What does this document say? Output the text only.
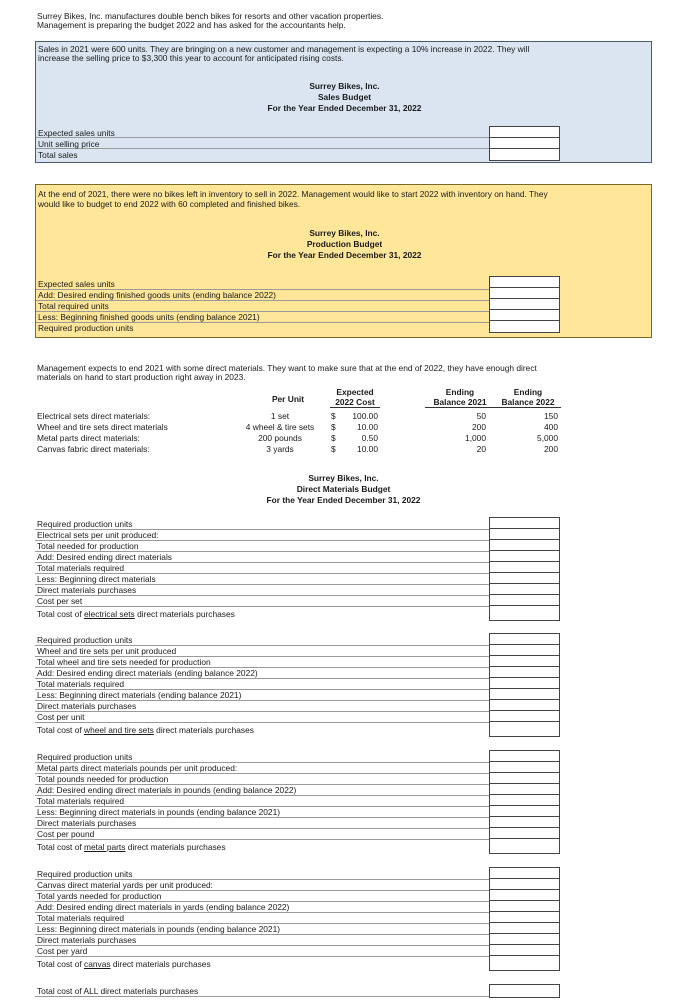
Surrey Bikes, Inc. manufactures double bench bikes for resorts and other vacation properties.
Management is preparing the budget 2022 and has asked for the accountants help.
Sales in 2021 were 600 units. They are bringing on a new customer and management is expecting a 10% increase in 2022. They will
increase the selling price to $3,300 this year to account for anticipated rising costs.
Surrey Bikes, Inc.
Sales Budget
For the Year Ended December 31, 2022
Expected sales units
Unit selling price
Total sales
At the end of 2021, there were no bikes left in inventory to sell in 2022. Management would like to start 2022 with inventory on hand. They
would like to budget to end 2022 with 60 completed and finished bikes.
Surrey Bikes, Inc.
Production Budget
For the Year Ended December 31, 2022
Expected sales units
Add: Desired ending finished goods units (ending balance 2022)
Total required units
Less: Beginning finished goods units (ending balance 2021)
Required production units
Management expects to end 2021 with some direct materials. They want to make sure that at the end of 2022, they have enough direct
materials on hand to start production right away in 2023.
Per Unit
Expected
2022 Cost
Ending
Balance 2021
Ending
Balance 2022
Electrical sets direct materials:
Wheel and tire sets direct materials
Metal parts direct materials:
Canvas fabric direct materials:
1 set
4 wheel & tire sets
200 pounds
3 yards
$
$
$
$
100.00
10.00
0.50
10.00
50
200
1,000
20
150
400
5,000
200
Surrey Bikes, Inc.
Direct Materials Budget
For the Year Ended December 31, 2022
Required production units
Electrical sets per unit produced:
Total needed for production
Add: Desired ending direct materials
Total materials required
Less: Beginning direct materials
Direct materials purchases
Cost per set
Total cost of electrical sets direct materials purchases
Required production units
Wheel and tire sets per unit produced
Total wheel and tire sets needed for production
Add: Desired ending direct materials (ending balance 2022)
Total materials required
Less: Beginning direct materials (ending balance 2021)
Direct materials purchases
Cost per unit
Total cost of wheel and tire sets direct materials purchases
Required production units
Metal parts direct materials pounds per unit produced:
Total pounds needed for production
Add: Desired ending direct materials in pounds (ending balance 2022)
Total materials required
Less: Beginning direct materials in pounds (ending balance 2021)
Direct materials purchases
Cost per pound
Total cost of metal parts direct materials purchases
Required production units
Canvas direct material yards per unit produced:
Total yards needed for production
Add: Desired ending direct materials in yards (ending balance 2022)
Total materials required
Less: Beginning direct materials in pounds (ending balance 2021)
Direct materials purchases
Cost per yard
Total cost of canvas direct materials purchases
Total cost of ALL direct materials purchases
